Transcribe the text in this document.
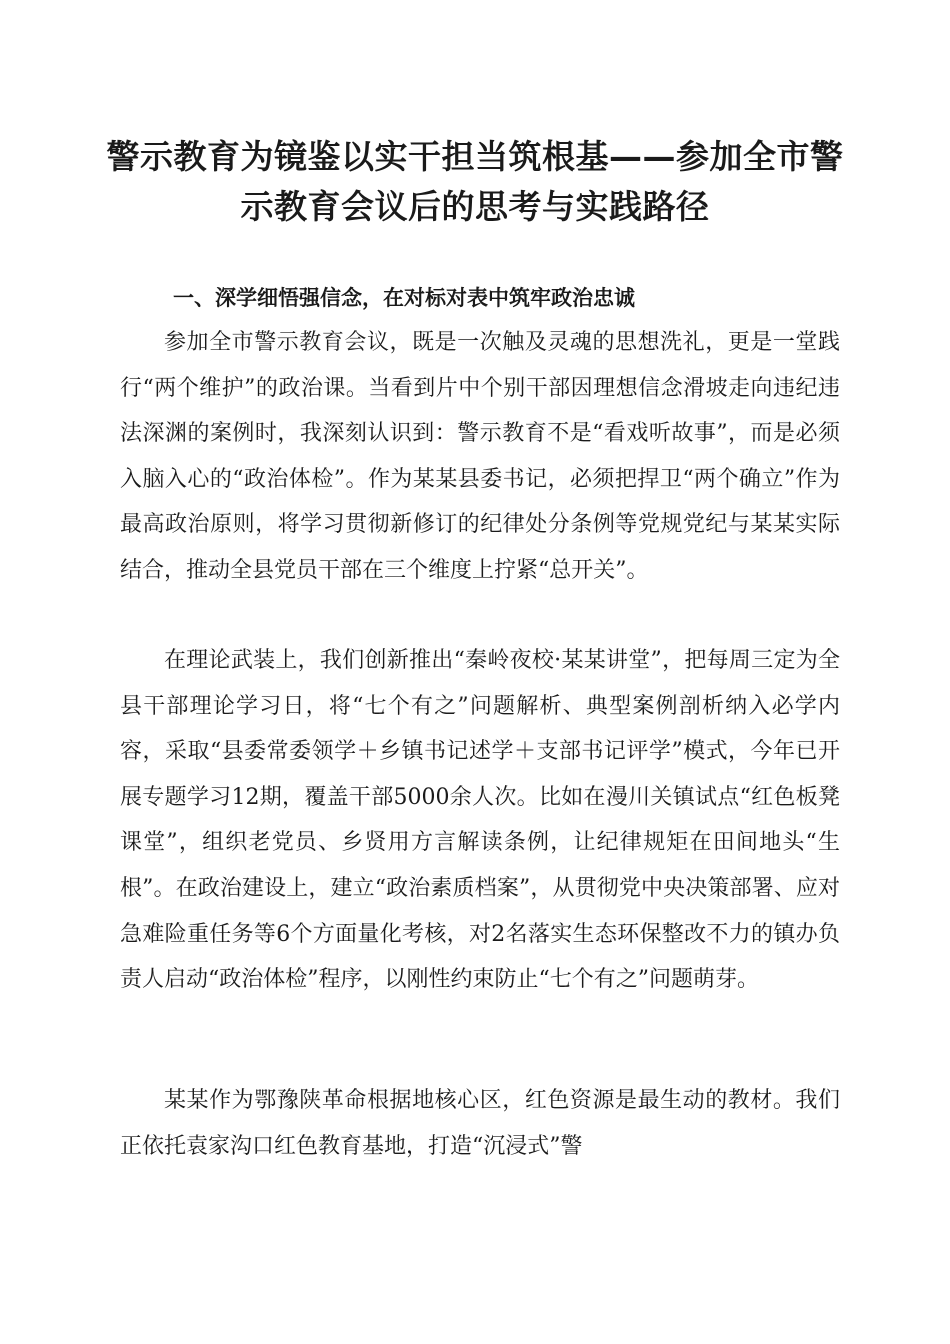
警示教育为镜鉴以实干担当筑根基——参加全市警示教育会议后的思考与实践路径
一、深学细悟强信念，在对标对表中筑牢政治忠诚

参加全市警示教育会议，既是一次触及灵魂的思想洗礼，更是一堂践行“两个维护”的政治课。当看到片中个别干部因理想信念滑坡走向违纪违法深渊的案例时，我深刻认识到：警示教育不是“看戏听故事”，而是必须入脑入心的“政治体检”。作为某某县委书记，必须把捍卫“两个确立”作为最高政治原则，将学习贯彻新修订的纪律处分条例等党规党纪与某某实际结合，推动全县党员干部在三个维度上拧紧“总开关”。

在理论武装上，我们创新推出“秦岭夜校·某某讲堂”，把每周三定为全县干部理论学习日，将“七个有之”问题解析、典型案例剖析纳入必学内容，采取“县委常委领学＋乡镇书记述学＋支部书记评学”模式，今年已开展专题学习12期，覆盖干部5000余人次。比如在漫川关镇试点“红色板凳课堂”，组织老党员、乡贤用方言解读条例，让纪律规矩在田间地头“生根”。在政治建设上，建立“政治素质档案”，从贯彻党中央决策部署、应对急难险重任务等6个方面量化考核，对2名落实生态环保整改不力的镇办负责人启动“政治体检”程序，以刚性约束防止“七个有之”问题萌芽。

某某作为鄂豫陕革命根据地核心区，红色资源是最生动的教材。我们正依托袁家沟口红色教育基地，打造“沉浸式”警
